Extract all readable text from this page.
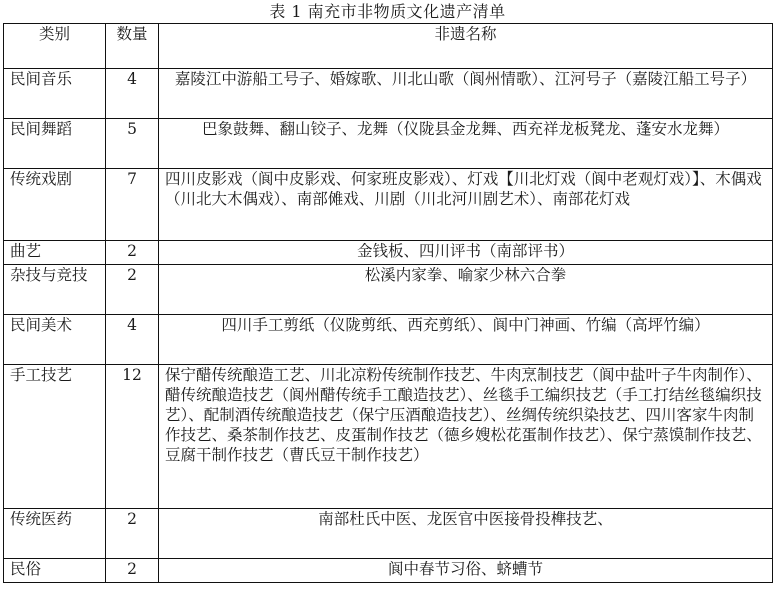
表 1 南充市非物质文化遗产清单
类别	数量	非遗名称
民间音乐	4	嘉陵江中游船工号子、婚嫁歌、川北山歌（阆州情歌）、江河号子（嘉陵江船工号子）
民间舞蹈	5	巴象鼓舞、翻山铰子、龙舞（仪陇县金龙舞、西充祥龙板凳龙、蓬安水龙舞）
传统戏剧	7	四川皮影戏（阆中皮影戏、何家班皮影戏）、灯戏【川北灯戏（阆中老观灯戏）】、木偶戏（川北大木偶戏）、南部傩戏、川剧（川北河川剧艺术）、南部花灯戏
曲艺	2	金钱板、四川评书（南部评书）
杂技与竞技	2	松溪内家拳、喻家少林六合拳
民间美术	4	四川手工剪纸（仪陇剪纸、西充剪纸）、阆中门神画、竹编（高坪竹编）
手工技艺	12	保宁醋传统酿造工艺、川北凉粉传统制作技艺、牛肉烹制技艺（阆中盐叶子牛肉制作）、醋传统酿造技艺（阆州醋传统手工酿造技艺）、丝毯手工编织技艺（手工打结丝毯编织技艺）、配制酒传统酿造技艺（保宁压酒酿造技艺）、丝绸传统织染技艺、四川客家牛肉制作技艺、桑茶制作技艺、皮蛋制作技艺（德乡嫂松花蛋制作技艺）、保宁蒸馍制作技艺、豆腐干制作技艺（曹氏豆干制作技艺）
传统医药	2	南部杜氏中医、龙医官中医接骨投榫技艺、
民俗	2	阆中春节习俗、蛴螬节
